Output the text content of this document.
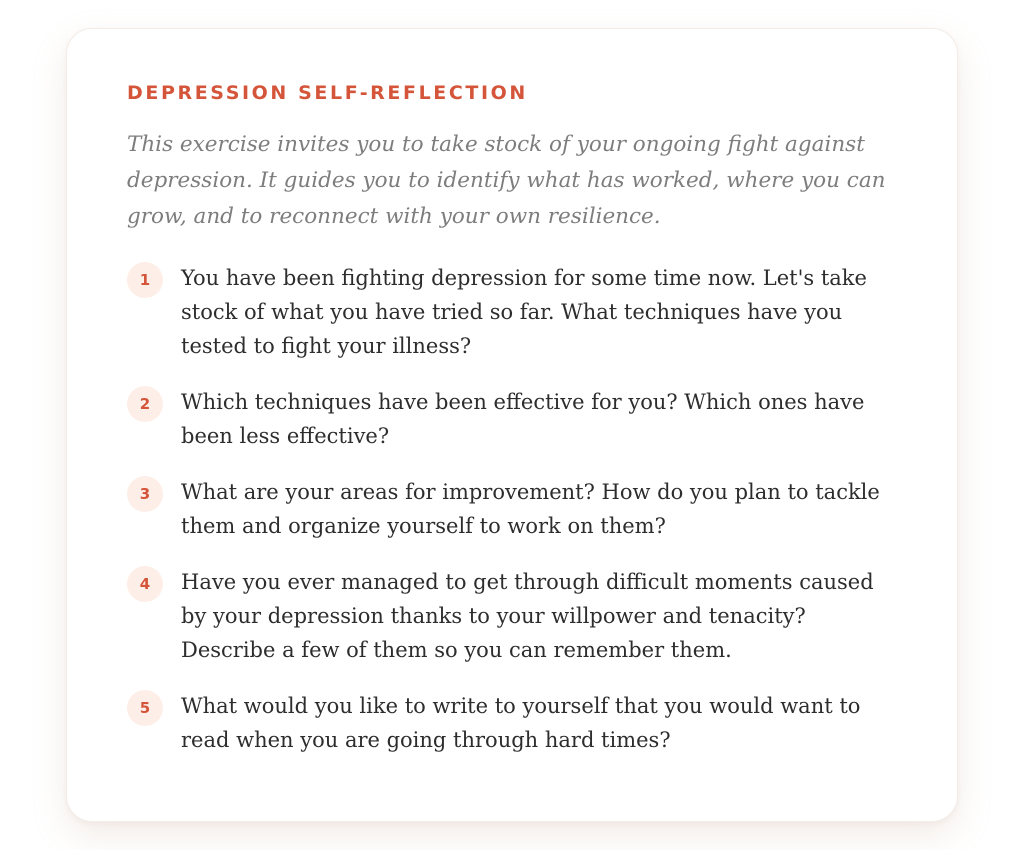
DEPRESSION SELF-REFLECTION

This exercise invites you to take stock of your ongoing fight against depression. It guides you to identify what has worked, where you can grow, and to reconnect with your own resilience.

1	You have been fighting depression for some time now. Let's take stock of what you have tried so far. What techniques have you tested to fight your illness?
2	Which techniques have been effective for you? Which ones have been less effective?
3	What are your areas for improvement? How do you plan to tackle them and organize yourself to work on them?
4	Have you ever managed to get through difficult moments caused by your depression thanks to your willpower and tenacity? Describe a few of them so you can remember them.
5	What would you like to write to yourself that you would want to read when you are going through hard times?
